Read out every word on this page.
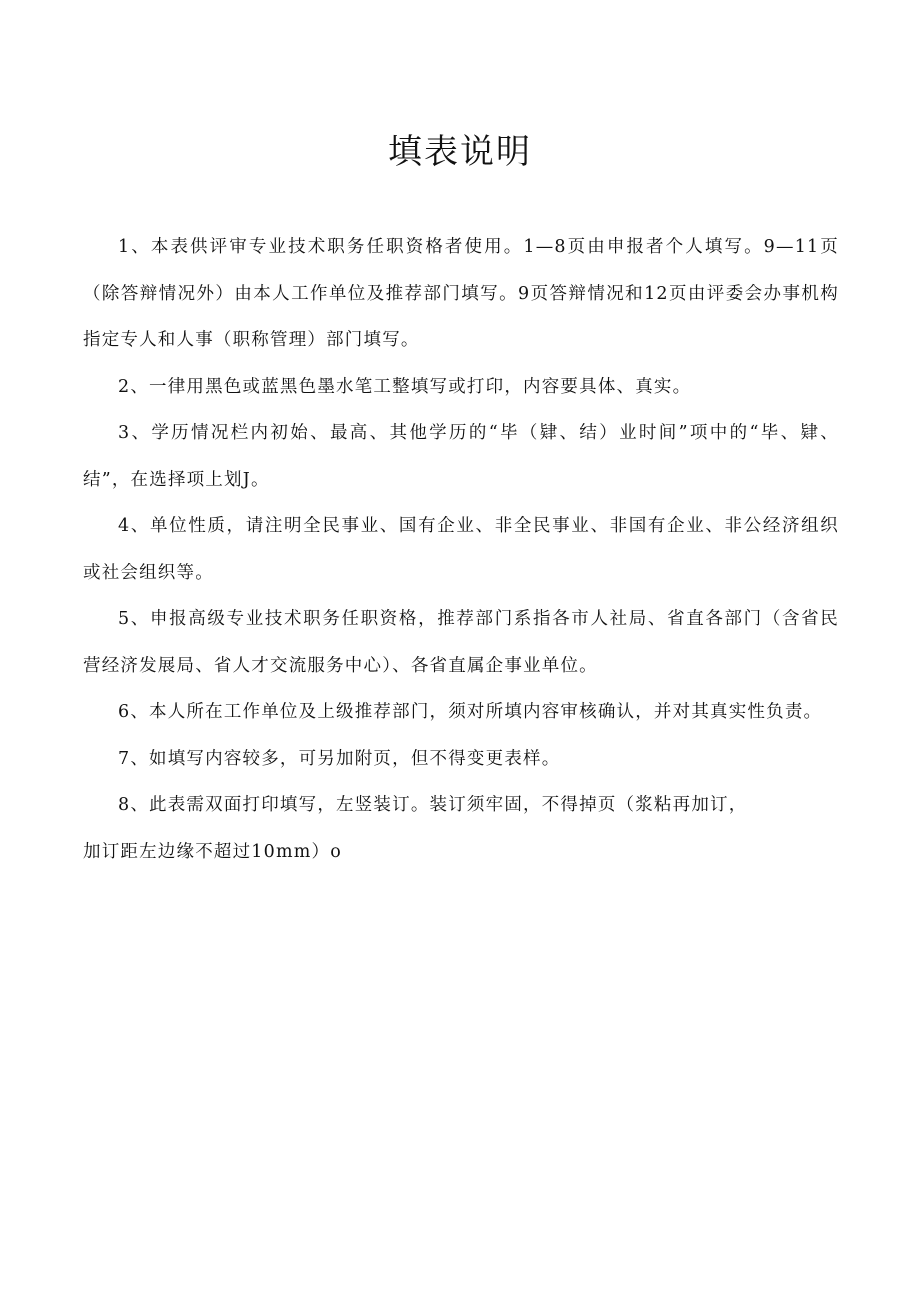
填表说明

1、本表供评审专业技术职务任职资格者使用。1—8页由申报者个人填写。9—11页（除答辩情况外）由本人工作单位及推荐部门填写。9页答辩情况和12页由评委会办事机构指定专人和人事（职称管理）部门填写。

2、一律用黑色或蓝黑色墨水笔工整填写或打印，内容要具体、真实。

3、学历情况栏内初始、最高、其他学历的“毕（肄、结）业时间”项中的“毕、肄、结”，在选择项上划J。

4、单位性质，请注明全民事业、国有企业、非全民事业、非国有企业、非公经济组织或社会组织等。

5、申报高级专业技术职务任职资格，推荐部门系指各市人社局、省直各部门（含省民营经济发展局、省人才交流服务中心）、各省直属企事业单位。

6、本人所在工作单位及上级推荐部门，须对所填内容审核确认，并对其真实性负责。

7、如填写内容较多，可另加附页，但不得变更表样。

8、此表需双面打印填写，左竖装订。装订须牢固，不得掉页（浆粘再加订，
加订距左边缘不超过10mm）o
